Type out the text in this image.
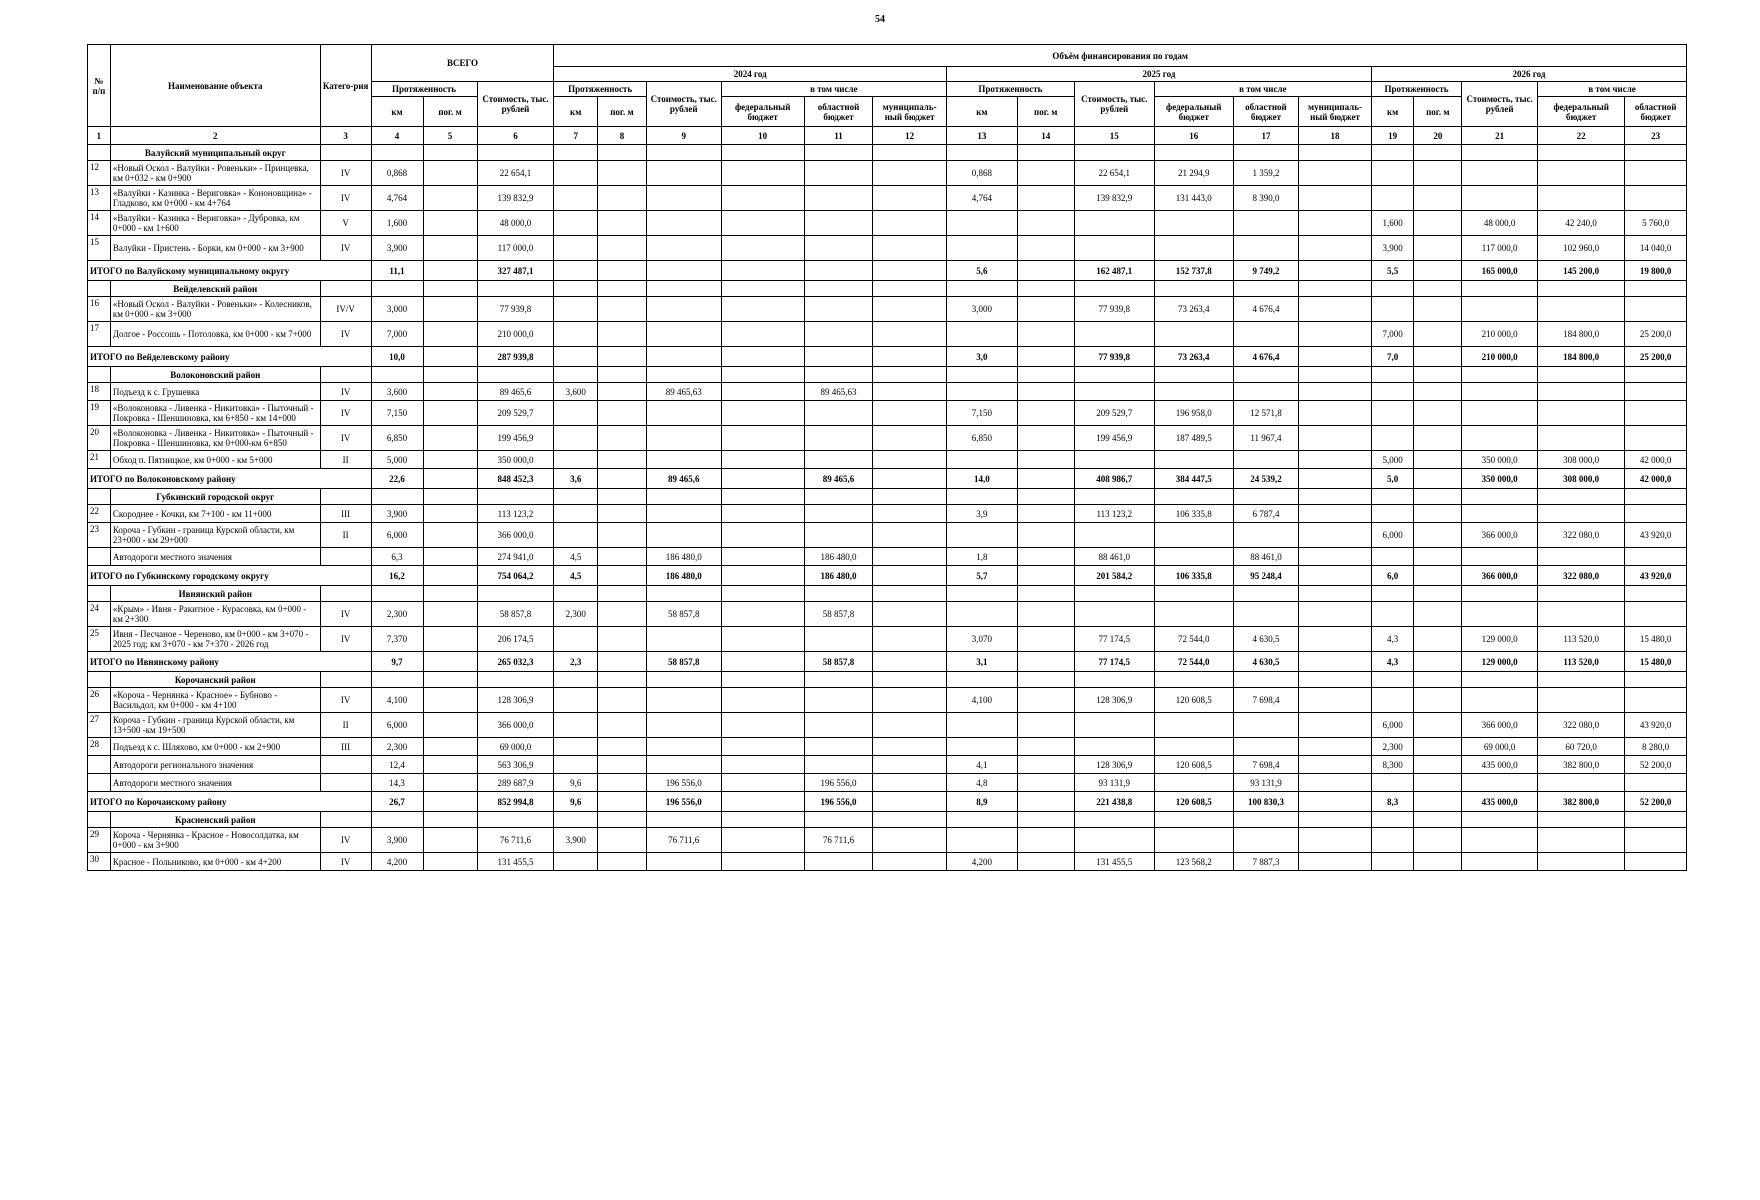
54
№ п/п	Наименование объекта	Катего-рия	ВСЕГО			Объём финансирования по годам																
						2024 год						2025 год						2026 год				
			Протяженность		Стоимость, тыс. рублей	Протяженность		Стоимость, тыс. рублей	в том числе			Протяженность		Стоимость, тыс. рублей	в том числе			Протяженность		Стоимость, тыс. рублей	в том числе	
			км	пог. м		км	пог. м		федеральный бюджет	областной бюджет	муниципаль-ный бюджет	км	пог. м		федеральный бюджет	областной бюджет	муниципаль-ный бюджет	км	пог. м		федеральный бюджет	областной бюджет
1	2	3	4	5	6	7	8	9	10	11	12	13	14	15	16	17	18	19	20	21	22	23
	Валуйский муниципальный округ																					
12	«Новый Оскол - Валуйки - Ровеньки» - Принцевка, км 0+032 - км 0+900	IV	0,868		22 654,1							0,868		22 654,1	21 294,9	1 359,2						
13	«Валуйки - Казинка - Вериговка» - Кононовщина» - Гладково, км 0+000 - км 4+764	IV	4,764		139 832,9							4,764		139 832,9	131 443,0	8 390,0						
14	«Валуйки - Казинка - Вериговка» - Дубровка, км 0+000 - км 1+600	V	1,600		48 000,0													1,600		48 000,0	42 240,0	5 760,0
15	Валуйки - Пристень - Борки, км 0+000 - км 3+900	IV	3,900		117 000,0													3,900		117 000,0	102 960,0	14 040,0
ИТОГО по Валуйскому муниципальному округу			11,1		327 487,1							5,6		162 487,1	152 737,8	9 749,2		5,5		165 000,0	145 200,0	19 800,0
	Вейделевский район																					
16	«Новый Оскол - Валуйки - Ровеньки» - Колесников, км 0+000 - км 3+000	IV/V	3,000		77 939,8							3,000		77 939,8	73 263,4	4 676,4						
17	Долгое - Россошь - Потоловка, км 0+000 - км 7+000	IV	7,000		210 000,0													7,000		210 000,0	184 800,0	25 200,0
ИТОГО по Вейделевскому району			10,0		287 939,8							3,0		77 939,8	73 263,4	4 676,4		7,0		210 000,0	184 800,0	25 200,0
	Волоконовский район																					
18	Подъезд к с. Грушевка	IV	3,600		89 465,6	3,600		89 465,63		89 465,63												
19	«Волоконовка - Ливенка - Никитовка» - Пыточный - Покровка - Шеншиновка, км 6+850 - км 14+000	IV	7,150		209 529,7							7,150		209 529,7	196 958,0	12 571,8						
20	«Волоконовка - Ливенка - Никитовка» - Пыточный - Покровка - Шеншиновка, км 0+000-км 6+850	IV	6,850		199 456,9							6,850		199 456,9	187 489,5	11 967,4						
21	Обход п. Пятницкое, км 0+000 - км 5+000	II	5,000		350 000,0													5,000		350 000,0	308 000,0	42 000,0
ИТОГО по Волоконовскому району			22,6		848 452,3	3,6		89 465,6		89 465,6		14,0		408 986,7	384 447,5	24 539,2		5,0		350 000,0	308 000,0	42 000,0
	Губкинский городской округ																					
22	Скороднее - Кочки, км 7+100 - км 11+000	III	3,900		113 123,2							3,9		113 123,2	106 335,8	6 787,4						
23	Короча - Губкин - граница Курской области, км 23+000 - км 29+000	II	6,000		366 000,0													6,000		366 000,0	322 080,0	43 920,0
	Автодороги местного значения		6,3		274 941,0	4,5		186 480,0		186 480,0		1,8		88 461,0		88 461,0						
ИТОГО по Губкинскому городскому округу			16,2		754 064,2	4,5		186 480,0		186 480,0		5,7		201 584,2	106 335,8	95 248,4		6,0		366 000,0	322 080,0	43 920,0
	Ивнянский район																					
24	«Крым» - Ивня - Ракитное - Курасовка, км 0+000 - км 2+300	IV	2,300		58 857,8	2,300		58 857,8		58 857,8												
25	Ивня - Песчаное - Череново, км 0+000 - км 3+070 - 2025 год; км 3+070 - км 7+370 - 2026 год	IV	7,370		206 174,5							3,070		77 174,5	72 544,0	4 630,5		4,3		129 000,0	113 520,0	15 480,0
ИТОГО по Ивнянскому району			9,7		265 032,3	2,3		58 857,8		58 857,8		3,1		77 174,5	72 544,0	4 630,5		4,3		129 000,0	113 520,0	15 480,0
	Корочанский район																					
26	«Короча - Чернянка - Красное» - Бубново - Васильдол, км 0+000 - км 4+100	IV	4,100		128 306,9							4,100		128 306,9	120 608,5	7 698,4						
27	Короча - Губкин - граница Курской области, км 13+500 -км 19+500	II	6,000		366 000,0													6,000		366 000,0	322 080,0	43 920,0
28	Подъезд к с. Шляхово, км 0+000 - км 2+900	III	2,300		69 000,0													2,300		69 000,0	60 720,0	8 280,0
	Автодороги регионального значения		12,4		563 306,9							4,1		128 306,9	120 608,5	7 698,4		8,300		435 000,0	382 800,0	52 200,0
	Автодороги местного значения		14,3		289 687,9	9,6		196 556,0		196 556,0		4,8		93 131,9		93 131,9						
ИТОГО по Корочанскому району			26,7		852 994,8	9,6		196 556,0		196 556,0		8,9		221 438,8	120 608,5	100 830,3		8,3		435 000,0	382 800,0	52 200,0
	Красненский район																					
29	Короча - Чернянка - Красное - Новосолдатка, км 0+000 - км 3+900	IV	3,900		76 711,6	3,900		76 711,6		76 711,6												
30	Красное - Польниково, км 0+000 - км 4+200	IV	4,200		131 455,5							4,200		131 455,5	123 568,2	7 887,3						
